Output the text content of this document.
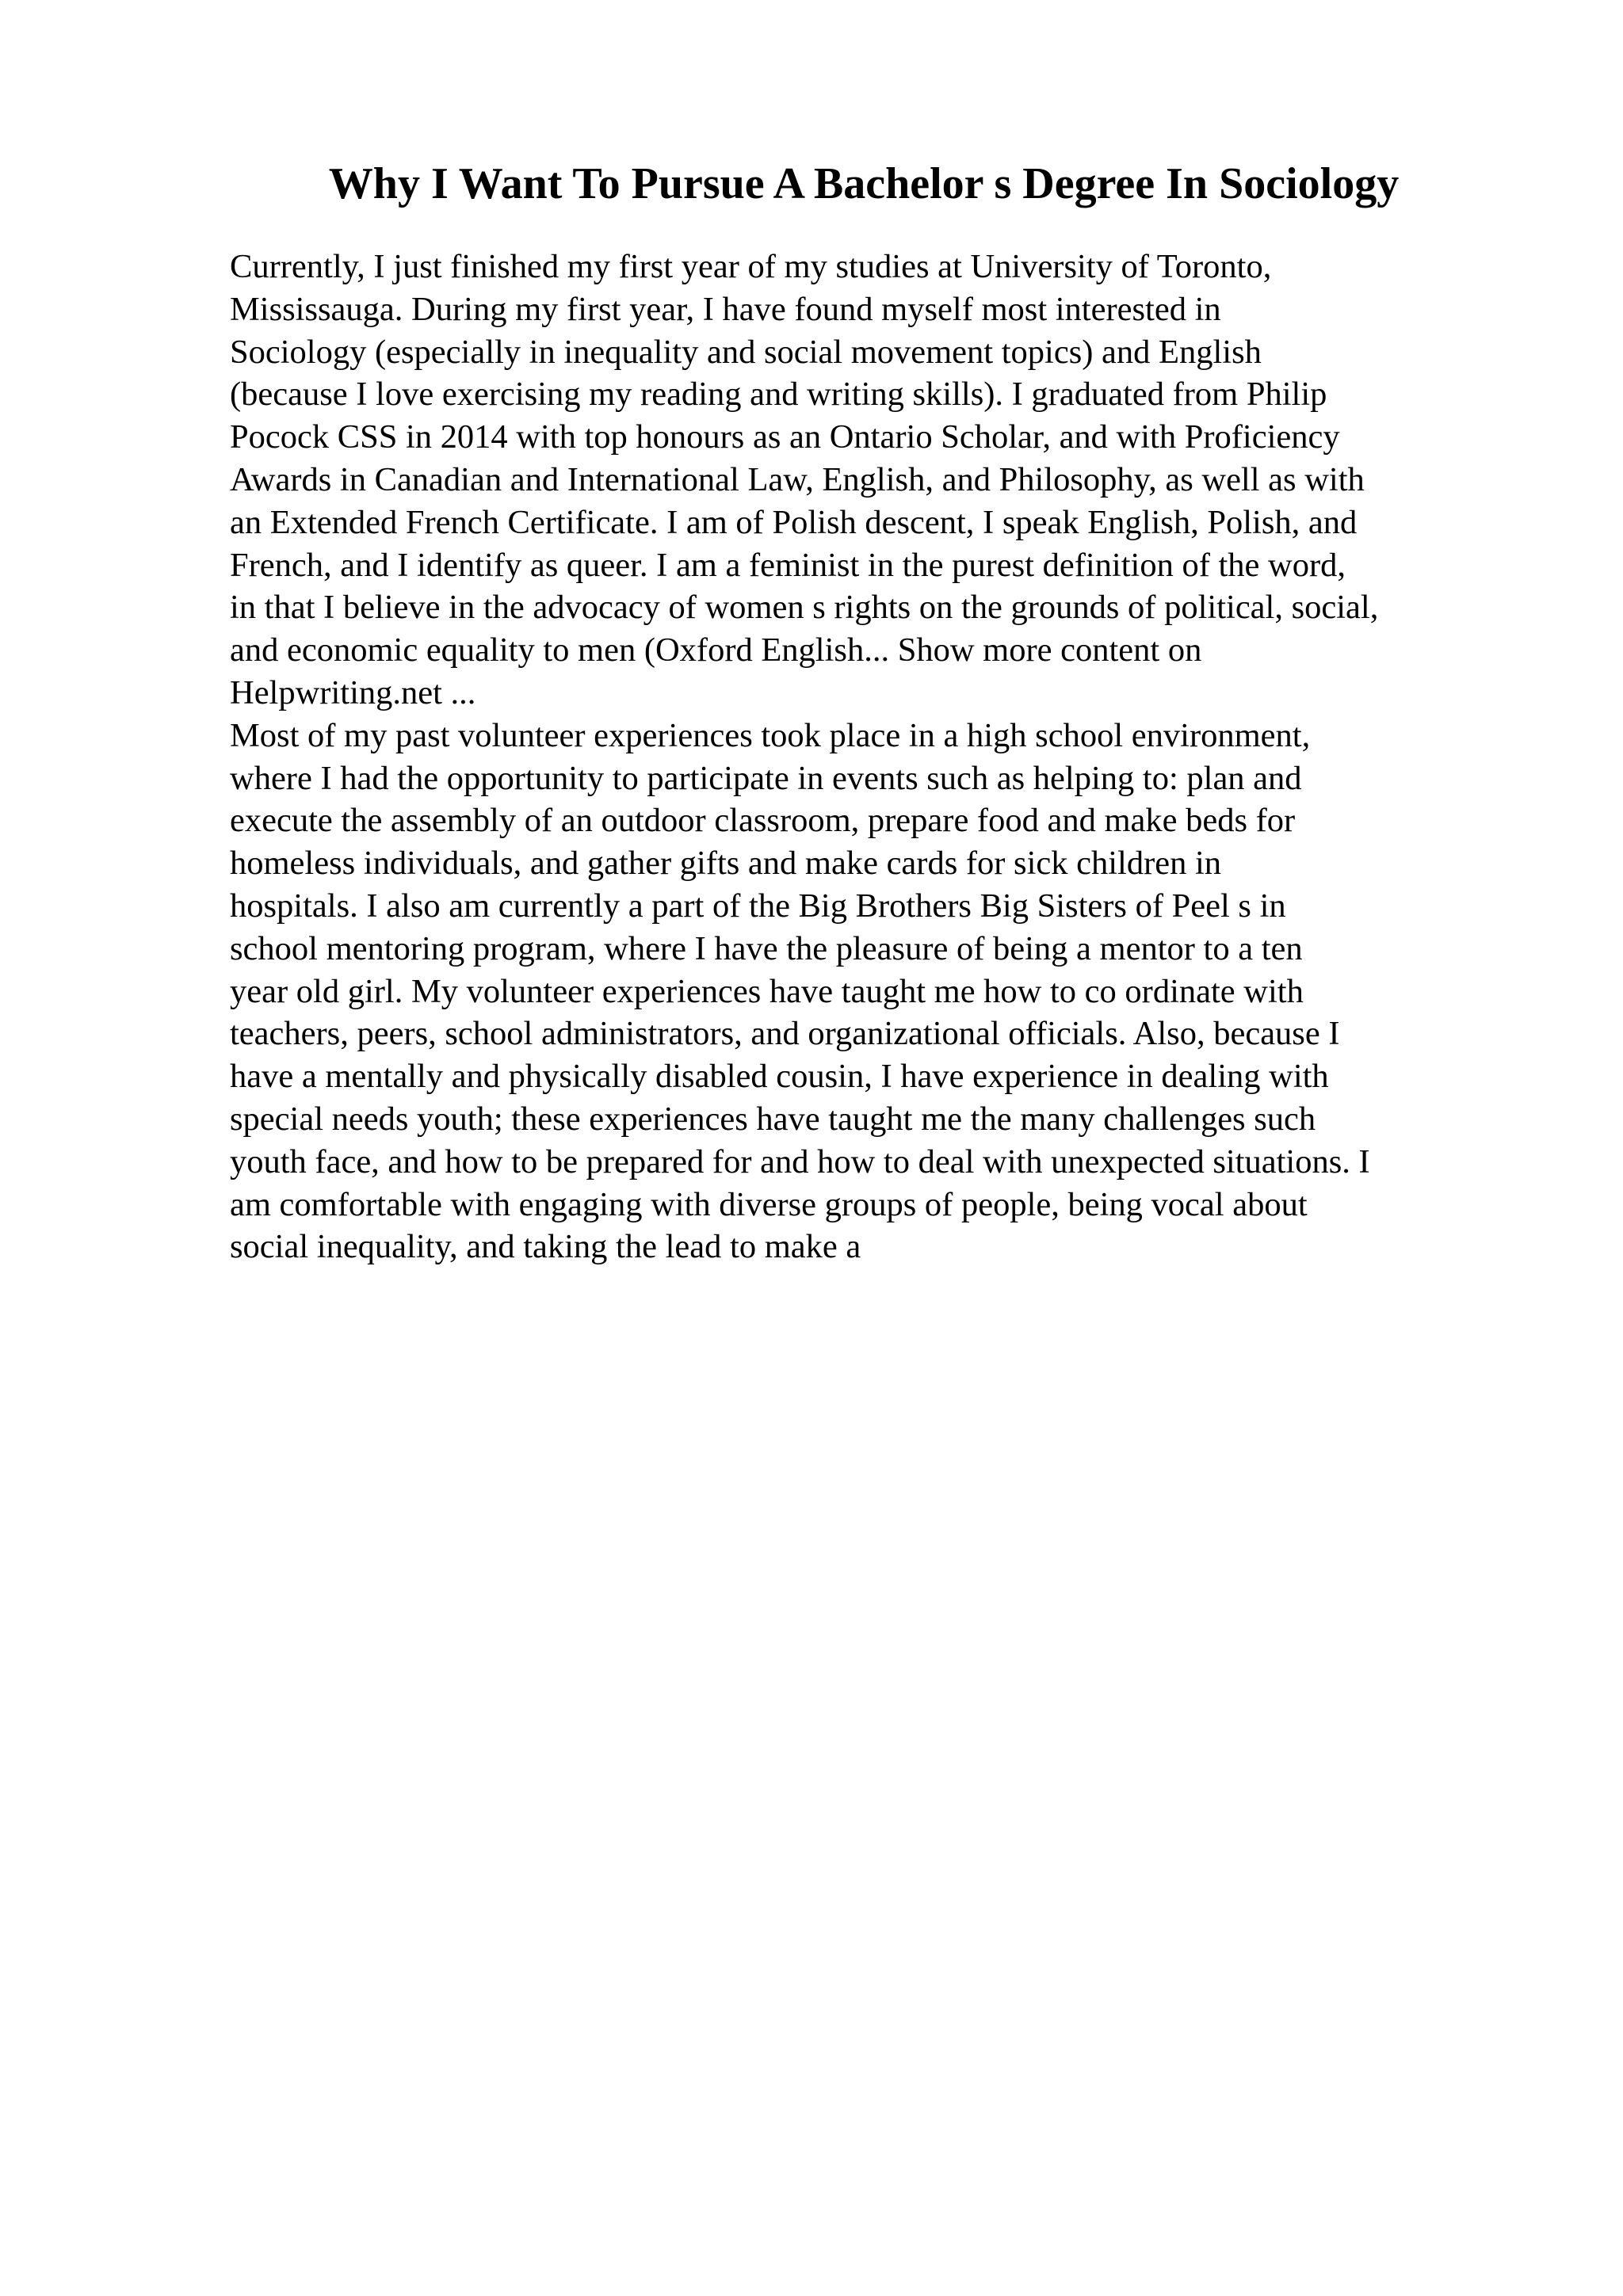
Why I Want To Pursue A Bachelor s Degree In Sociology
Currently, I just finished my first year of my studies at University of Toronto,
Mississauga. During my first year, I have found myself most interested in
Sociology (especially in inequality and social movement topics) and English
(because I love exercising my reading and writing skills). I graduated from Philip
Pocock CSS in 2014 with top honours as an Ontario Scholar, and with Proficiency
Awards in Canadian and International Law, English, and Philosophy, as well as with
an Extended French Certificate. I am of Polish descent, I speak English, Polish, and
French, and I identify as queer. I am a feminist in the purest definition of the word,
in that I believe in the advocacy of women s rights on the grounds of political, social,
and economic equality to men (Oxford English... Show more content on
Helpwriting.net ...
Most of my past volunteer experiences took place in a high school environment,
where I had the opportunity to participate in events such as helping to: plan and
execute the assembly of an outdoor classroom, prepare food and make beds for
homeless individuals, and gather gifts and make cards for sick children in
hospitals. I also am currently a part of the Big Brothers Big Sisters of Peel s in
school mentoring program, where I have the pleasure of being a mentor to a ten
year old girl. My volunteer experiences have taught me how to co ordinate with
teachers, peers, school administrators, and organizational officials. Also, because I
have a mentally and physically disabled cousin, I have experience in dealing with
special needs youth; these experiences have taught me the many challenges such
youth face, and how to be prepared for and how to deal with unexpected situations. I
am comfortable with engaging with diverse groups of people, being vocal about
social inequality, and taking the lead to make a
